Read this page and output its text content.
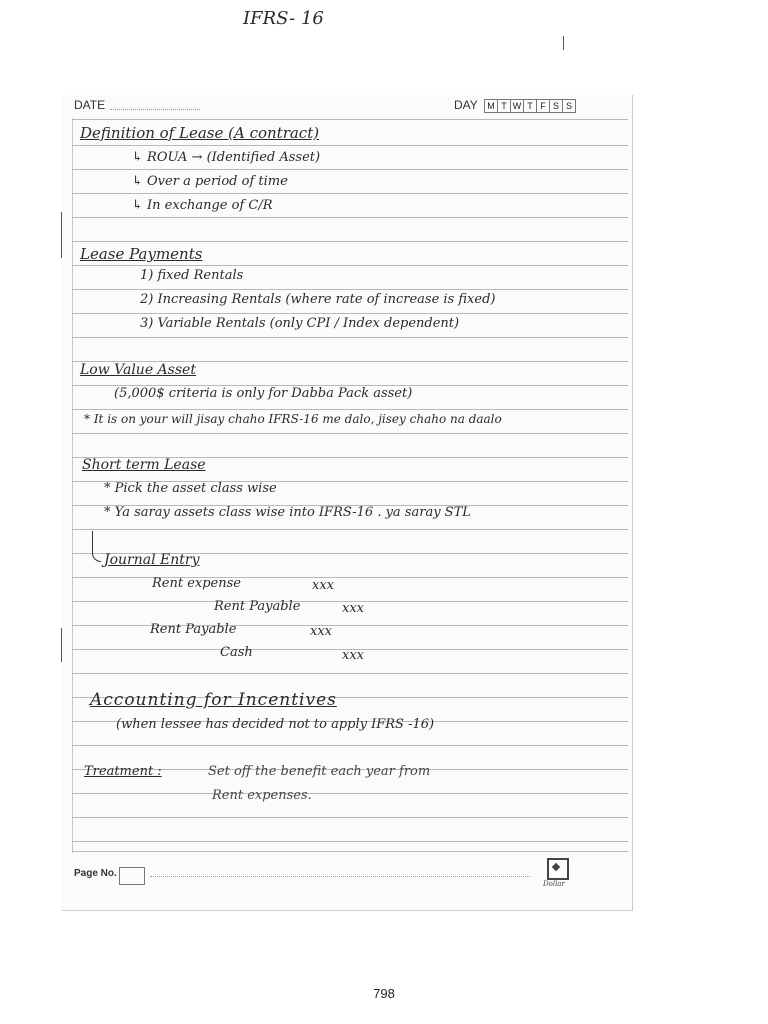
IFRS- 16
DATE	DAY	M T W T F S S
Definition of Lease (A contract)
↳ ROUA → (Identified Asset)
↳ Over a period of time
↳ In exchange of C/R
Lease Payments
1) fixed Rentals
2) Increasing Rentals (where rate of increase is fixed)
3) Variable Rentals (only CPI / Index dependent)
Low Value Asset
(5,000$ criteria is only for Dabba Pack asset)
* It is on your will jisay chaho IFRS-16 me dalo, jisey chaho na daalo
Short term Lease
* Pick the asset class wise
* Ya saray assets class wise into IFRS-16 . ya saray STL
Journal Entry
Rent expense	xxx
Rent Payable	xxx
Rent Payable	xxx
Cash	xxx
Accounting for Incentives
(when lessee has decided not to apply IFRS -16)
Treatment :	Set off the benefit each year from
Rent expenses.
Page No.
Dollar
798
